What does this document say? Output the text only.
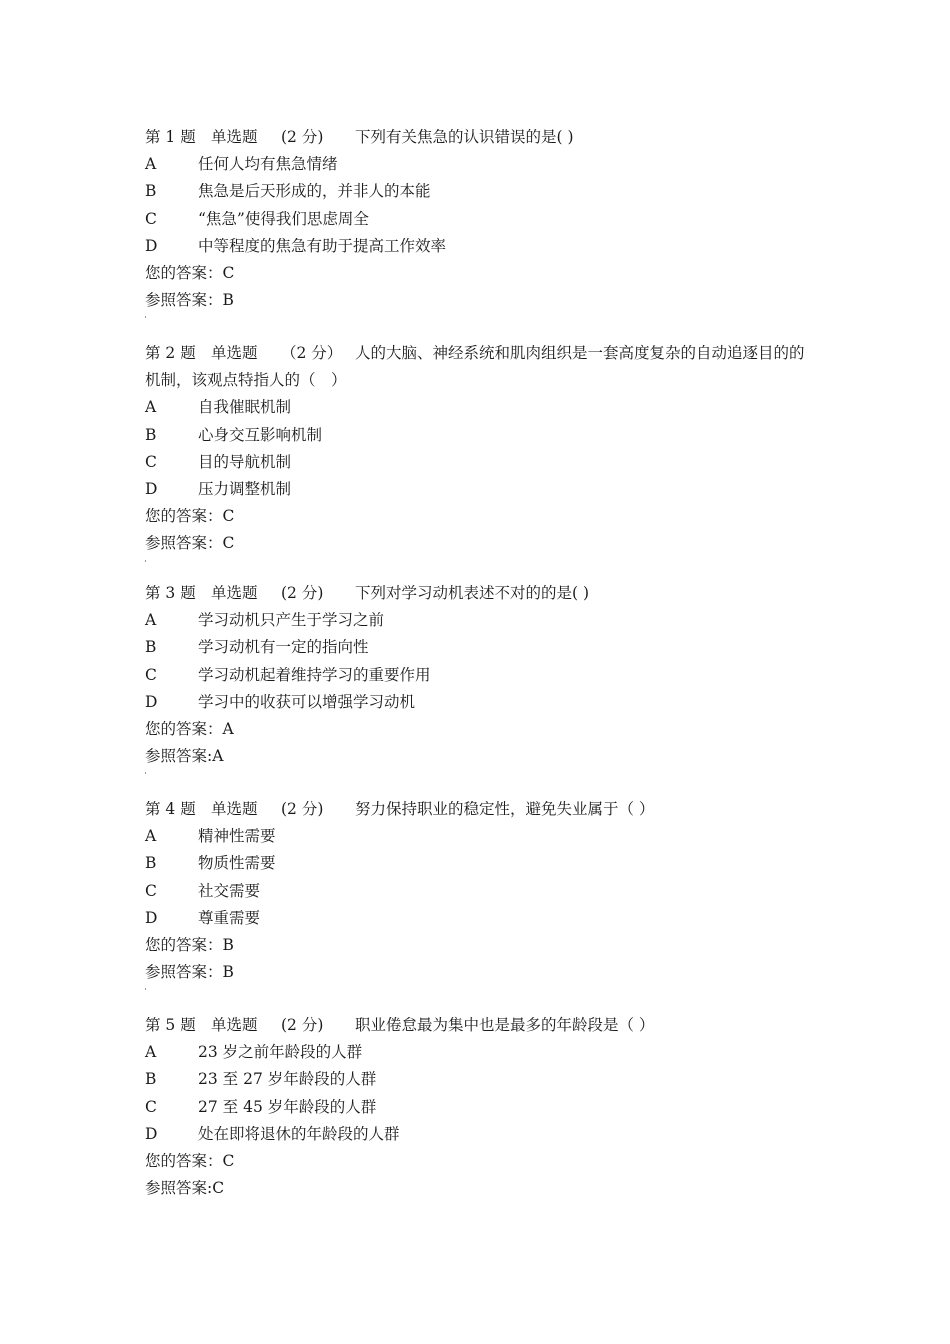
第 1 题 单选题 (2 分) 下列有关焦急的认识错误的是( )
A	任何人均有焦急情绪
B	焦急是后天形成的，并非人的本能
C	“焦急”使得我们思虑周全
D	中等程度的焦急有助于提高工作效率
您的答案：C
参照答案：B
第 2 题 单选题 （2 分） 人的大脑、神经系统和肌肉组织是一套高度复杂的自动追逐目的的机制，该观点特指人的（　）
A	自我催眠机制
B	心身交互影响机制
C	目的导航机制
D	压力调整机制
您的答案：C
参照答案：C
第 3 题 单选题 (2 分) 下列对学习动机表述不对的的是( )
A	学习动机只产生于学习之前
B	学习动机有一定的指向性
C	学习动机起着维持学习的重要作用
D	学习中的收获可以增强学习动机
您的答案：A
参照答案:A
第 4 题 单选题 (2 分) 努力保持职业的稳定性，避免失业属于（ ）
A	精神性需要
B	物质性需要
C	社交需要
D	尊重需要
您的答案：B
参照答案：B
第 5 题 单选题 (2 分) 职业倦怠最为集中也是最多的年龄段是（ ）
A	23 岁之前年龄段的人群
B	23 至 27 岁年龄段的人群
C	27 至 45 岁年龄段的人群
D	处在即将退休的年龄段的人群
您的答案：C
参照答案:C
